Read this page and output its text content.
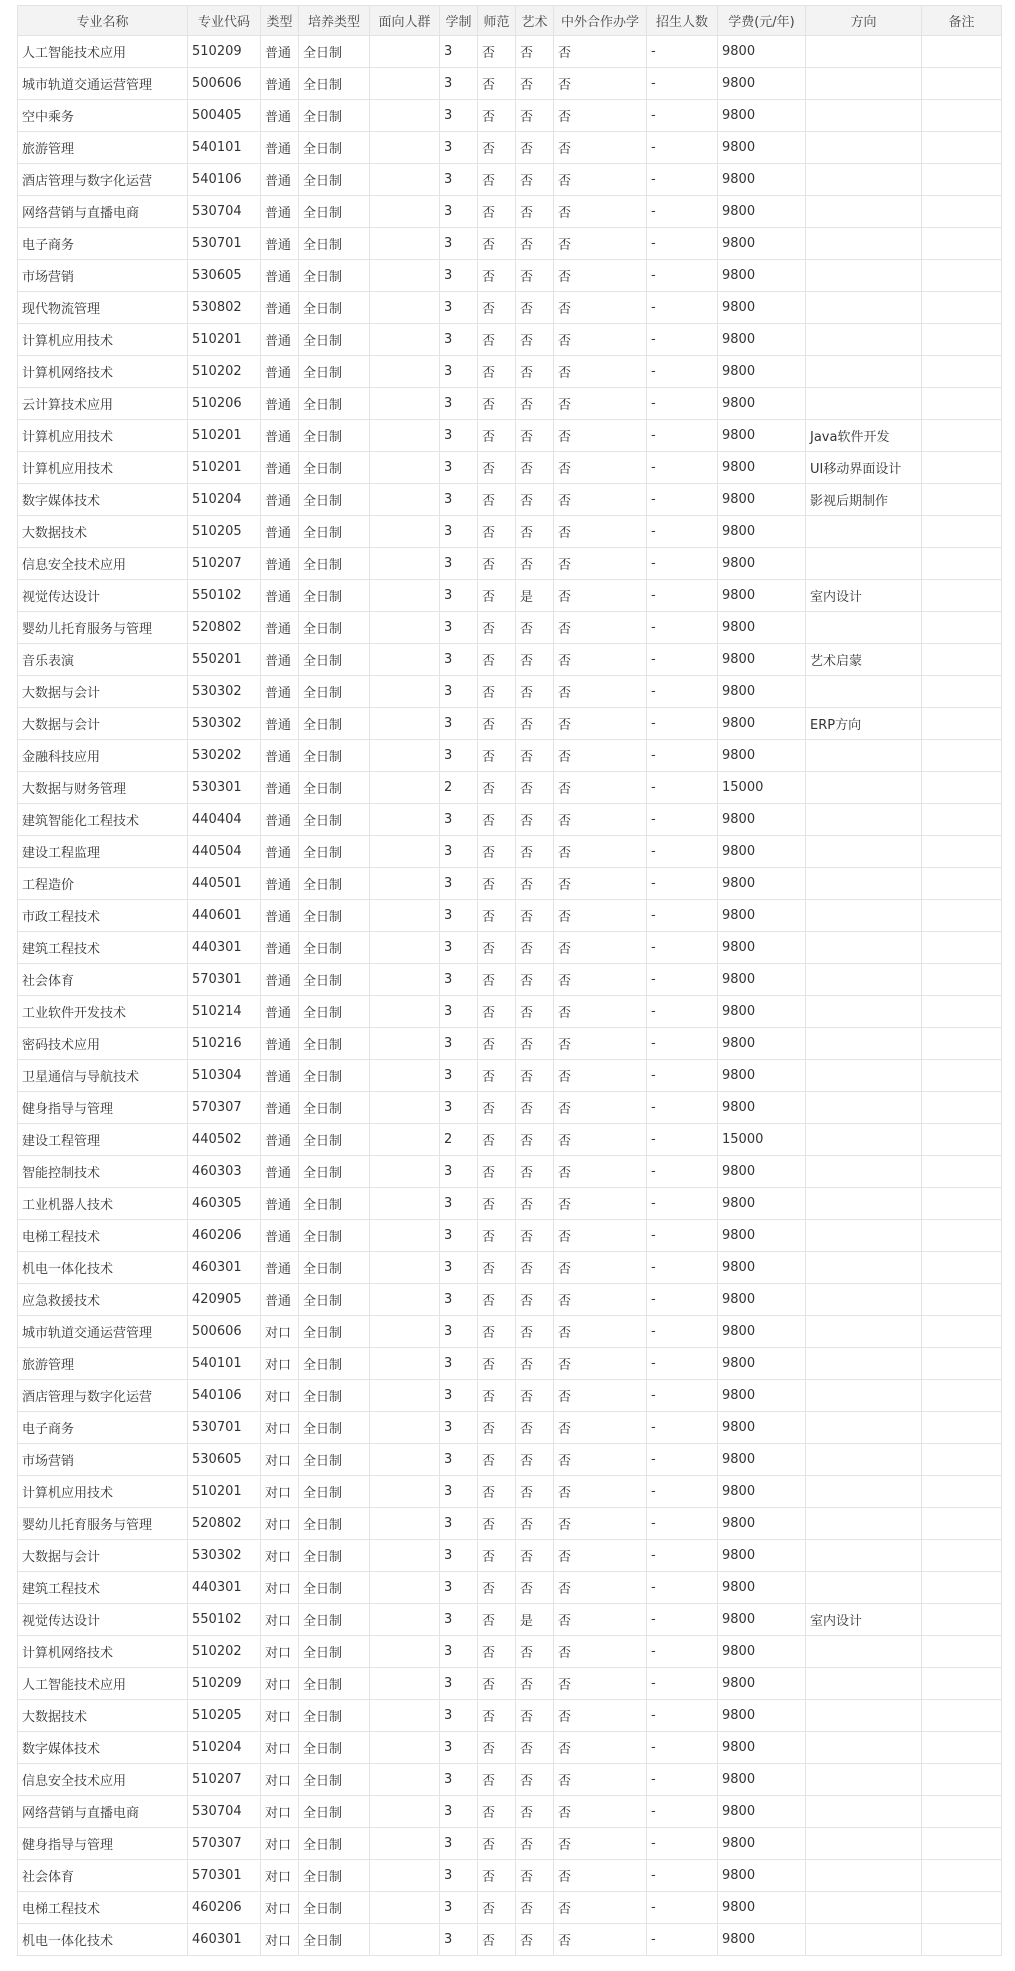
专业名称	专业代码	类型	培养类型	面向人群	学制	师范	艺术	中外合作办学	招生人数	学费(元/年)	方向	备注
人工智能技术应用	510209	普通	全日制		3	否	否	否	-	9800		
城市轨道交通运营管理	500606	普通	全日制		3	否	否	否	-	9800		
空中乘务	500405	普通	全日制		3	否	否	否	-	9800		
旅游管理	540101	普通	全日制		3	否	否	否	-	9800		
酒店管理与数字化运营	540106	普通	全日制		3	否	否	否	-	9800		
网络营销与直播电商	530704	普通	全日制		3	否	否	否	-	9800		
电子商务	530701	普通	全日制		3	否	否	否	-	9800		
市场营销	530605	普通	全日制		3	否	否	否	-	9800		
现代物流管理	530802	普通	全日制		3	否	否	否	-	9800		
计算机应用技术	510201	普通	全日制		3	否	否	否	-	9800		
计算机网络技术	510202	普通	全日制		3	否	否	否	-	9800		
云计算技术应用	510206	普通	全日制		3	否	否	否	-	9800		
计算机应用技术	510201	普通	全日制		3	否	否	否	-	9800	Java软件开发	
计算机应用技术	510201	普通	全日制		3	否	否	否	-	9800	UI移动界面设计	
数字媒体技术	510204	普通	全日制		3	否	否	否	-	9800	影视后期制作	
大数据技术	510205	普通	全日制		3	否	否	否	-	9800		
信息安全技术应用	510207	普通	全日制		3	否	否	否	-	9800		
视觉传达设计	550102	普通	全日制		3	否	是	否	-	9800	室内设计	
婴幼儿托育服务与管理	520802	普通	全日制		3	否	否	否	-	9800		
音乐表演	550201	普通	全日制		3	否	否	否	-	9800	艺术启蒙	
大数据与会计	530302	普通	全日制		3	否	否	否	-	9800		
大数据与会计	530302	普通	全日制		3	否	否	否	-	9800	ERP方向	
金融科技应用	530202	普通	全日制		3	否	否	否	-	9800		
大数据与财务管理	530301	普通	全日制		2	否	否	否	-	15000		
建筑智能化工程技术	440404	普通	全日制		3	否	否	否	-	9800		
建设工程监理	440504	普通	全日制		3	否	否	否	-	9800		
工程造价	440501	普通	全日制		3	否	否	否	-	9800		
市政工程技术	440601	普通	全日制		3	否	否	否	-	9800		
建筑工程技术	440301	普通	全日制		3	否	否	否	-	9800		
社会体育	570301	普通	全日制		3	否	否	否	-	9800		
工业软件开发技术	510214	普通	全日制		3	否	否	否	-	9800		
密码技术应用	510216	普通	全日制		3	否	否	否	-	9800		
卫星通信与导航技术	510304	普通	全日制		3	否	否	否	-	9800		
健身指导与管理	570307	普通	全日制		3	否	否	否	-	9800		
建设工程管理	440502	普通	全日制		2	否	否	否	-	15000		
智能控制技术	460303	普通	全日制		3	否	否	否	-	9800		
工业机器人技术	460305	普通	全日制		3	否	否	否	-	9800		
电梯工程技术	460206	普通	全日制		3	否	否	否	-	9800		
机电一体化技术	460301	普通	全日制		3	否	否	否	-	9800		
应急救援技术	420905	普通	全日制		3	否	否	否	-	9800		
城市轨道交通运营管理	500606	对口	全日制		3	否	否	否	-	9800		
旅游管理	540101	对口	全日制		3	否	否	否	-	9800		
酒店管理与数字化运营	540106	对口	全日制		3	否	否	否	-	9800		
电子商务	530701	对口	全日制		3	否	否	否	-	9800		
市场营销	530605	对口	全日制		3	否	否	否	-	9800		
计算机应用技术	510201	对口	全日制		3	否	否	否	-	9800		
婴幼儿托育服务与管理	520802	对口	全日制		3	否	否	否	-	9800		
大数据与会计	530302	对口	全日制		3	否	否	否	-	9800		
建筑工程技术	440301	对口	全日制		3	否	否	否	-	9800		
视觉传达设计	550102	对口	全日制		3	否	是	否	-	9800	室内设计	
计算机网络技术	510202	对口	全日制		3	否	否	否	-	9800		
人工智能技术应用	510209	对口	全日制		3	否	否	否	-	9800		
大数据技术	510205	对口	全日制		3	否	否	否	-	9800		
数字媒体技术	510204	对口	全日制		3	否	否	否	-	9800		
信息安全技术应用	510207	对口	全日制		3	否	否	否	-	9800		
网络营销与直播电商	530704	对口	全日制		3	否	否	否	-	9800		
健身指导与管理	570307	对口	全日制		3	否	否	否	-	9800		
社会体育	570301	对口	全日制		3	否	否	否	-	9800		
电梯工程技术	460206	对口	全日制		3	否	否	否	-	9800		
机电一体化技术	460301	对口	全日制		3	否	否	否	-	9800		
